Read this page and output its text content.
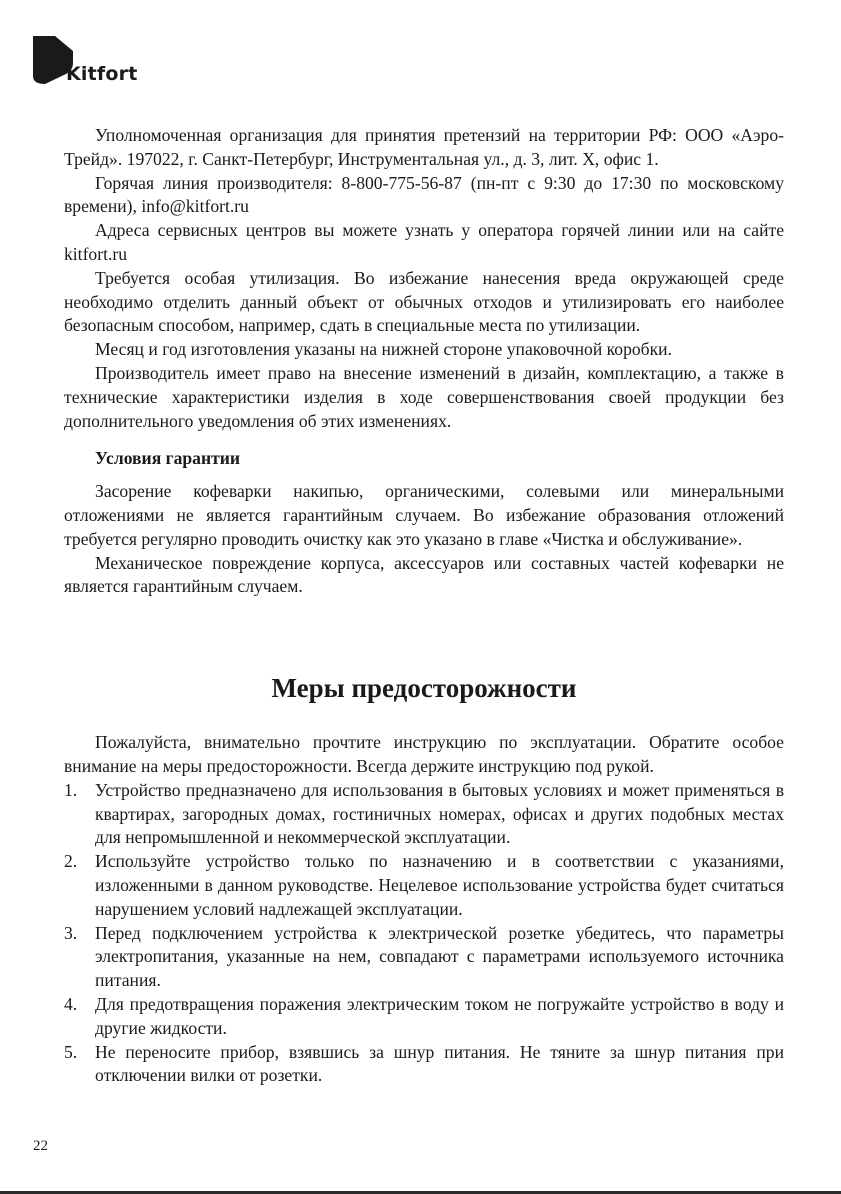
Kitfort

Уполномоченная организация для принятия претензий на территории РФ: ООО «Аэро-Трейд». 197022, г. Санкт-Петербург, Инструментальная ул., д. 3, лит. Х, офис 1.

Горячая линия производителя: 8-800-775-56-87 (пн-пт с 9:30 до 17:30 по московскому времени), info@kitfort.ru

Адреса сервисных центров вы можете узнать у оператора горячей линии или на сайте kitfort.ru

Требуется особая утилизация. Во избежание нанесения вреда окружающей среде необходимо отделить данный объект от обычных отходов и утилизировать его наиболее безопасным способом, например, сдать в специальные места по утилизации.

Месяц и год изготовления указаны на нижней стороне упаковочной коробки.

Производитель имеет право на внесение изменений в дизайн, комплектацию, а также в технические характеристики изделия в ходе совершенствования своей продукции без дополнительного уведомления об этих изменениях.

Условия гарантии

Засорение кофеварки накипью, органическими, солевыми или минеральными отложениями не является гарантийным случаем. Во избежание образования отложений требуется регулярно проводить очистку как это указано в главе «Чистка и обслуживание».

Механическое повреждение корпуса, аксессуаров или составных частей кофеварки не является гарантийным случаем.

Меры предосторожности

Пожалуйста, внимательно прочтите инструкцию по эксплуатации. Обратите особое внимание на меры предосторожности. Всегда держите инструкцию под рукой.

1. Устройство предназначено для использования в бытовых условиях и может применяться в квартирах, загородных домах, гостиничных номерах, офисах и других подобных местах для непромышленной и некоммерческой эксплуатации.
2. Используйте устройство только по назначению и в соответствии с указаниями, изложенными в данном руководстве. Нецелевое использование устройства будет считаться нарушением условий надлежащей эксплуатации.
3. Перед подключением устройства к электрической розетке убедитесь, что параметры электропитания, указанные на нем, совпадают с параметрами используемого источника питания.
4. Для предотвращения поражения электрическим током не погружайте устройство в воду и другие жидкости.
5. Не переносите прибор, взявшись за шнур питания. Не тяните за шнур питания при отключении вилки от розетки.
22
